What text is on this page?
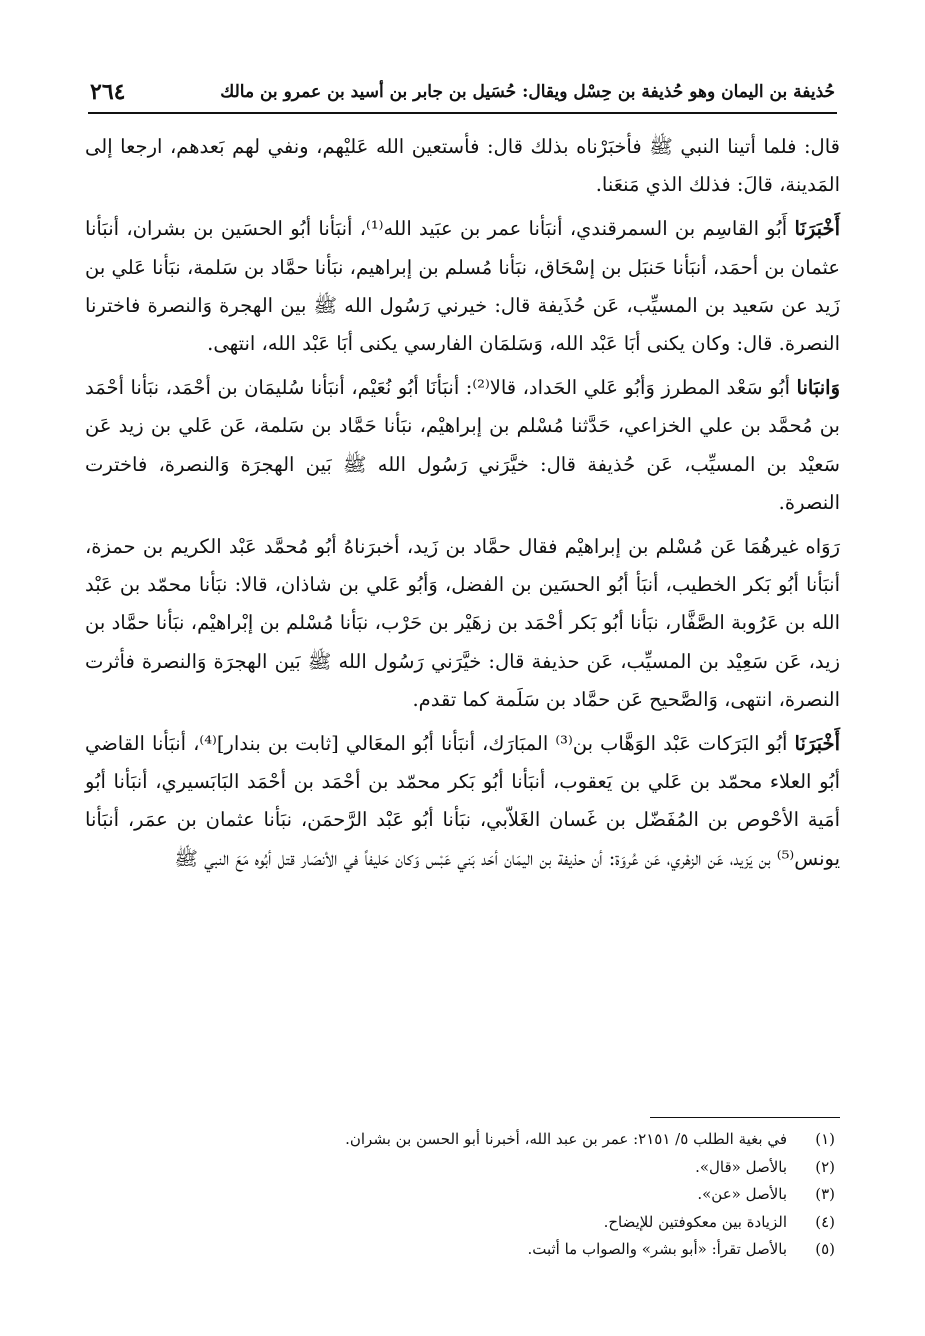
٢٦٤	حُذيفة بن اليمان وهو حُذيفة بن حِسْل ويقال: حُسَيل بن جابر بن أسيد بن عمرو بن مالك

قال: فلما أتينا النبي ﷺ فأخبَرْناه بذلك قال: فأستعين الله عَليْهم، ونفي لهم بَعدهم، ارجعا إلى المَدينة، قالَ: فذلك الذي مَنعَنا.

أَخْبَرَنَا أَبُو القاسِم بن السمرقندي، أنبَأنا عمر بن عبَيد الله⁽¹⁾، أنبَأنا أبُو الحسَين بن بشران، أنبَأنا عثمان بن أحمَد، أنبَأنا حَنبَل بن إسْحَاق، نبَأنا مُسلم بن إبراهيم، نبَأنا حمَّاد بن سَلمة، نبَأنا عَلي بن زَيد عن سَعيد بن المسيِّب، عَن حُذَيفة قال: خيرني رَسُول الله ﷺ بين الهجرة وَالنصرة فاخترنا النصرة. قال: وكان يكنى أبَا عَبْد الله، وَسَلمَان الفارسي يكنى أبَا عَبْد الله، انتهى.

وَانبَانا أبُو سَعْد المطرز وَأبُو عَلي الحَداد، قالا⁽²⁾: أنبَأنَا أبُو نُعَيْم، أنبَأنا سُليمَان بن أحْمَد، نبَأنا أحْمَد بن مُحمَّد بن علي الخزاعي، حَدَّثنا مُسْلم بن إبراهيْم، نبَأنا حَمَّاد بن سَلمة، عَن عَلي بن زيد عَن سَعيْد بن المسيِّب، عَن حُذيفة قال: خيَّرَني رَسُول الله ﷺ بَين الهجرَة وَالنصرة، فاخترت النصرة.

رَوَاه غيرهُمَا عَن مُسْلم بن إبراهيْم فقال حمَّاد بن زَيد، أخبرَناهُ أبُو مُحمَّد عَبْد الكريم بن حمزة، أنبَأنا أبُو بَكر الخطيب، أنبَأ أبُو الحسَين بن الفضل، وَأبُو عَلي بن شاذان، قالا: نبَأنا محمّد بن عَبْد الله بن عَرُوبة الصَّفَّار، نبَأنا أبُو بَكر أحْمَد بن زهَيْر بن حَرْب، نبَأنا مُسْلم بن إبْراهيْم، نبَأنا حمَّاد بن زيد، عَن سَعِيْد بن المسيِّب، عَن حذيفة قال: خيَّرَني رَسُول الله ﷺ بَين الهجرَة وَالنصرة فأثرت النصرة، انتهى، وَالصَّحيح عَن حمَّاد بن سَلَمة كما تقدم.

أَخْبَرَنَا أبُو البَرَكات عَبْد الوَهَّاب بن⁽³⁾ المبَارَك، أنبَأنا أبُو المعَالي [ثابت بن بندار]⁽⁴⁾، أنبَأنا القاضي أبُو العلاء محمّد بن عَلي بن يَعقوب، أنبَأنا أبُو بَكر محمّد بن أحْمَد بن أحْمَد البَابَسيري، أنبَأنا أبُو أمَية الأحْوص بن المُفَضّل بن غَسان الغَلاّبي، نبَأنا أبُو عَبْد الرَّحمَن، نبَأنا عثمان بن عمَر، أنبَأنا يونس⁽⁵⁾ بن يَزيد، عَن الزهْري، عَن عُروَة: أن حذيفة بن اليمَان أحَد بَني عَبْس وَكان حَليفاً في الأنصَار قتل أبُوه مَعَ النبي ﷺ

(١)
في بغية الطلب ٥/ ٢١٥١: عمر بن عبد الله، أخبرنا أبو الحسن بن بشران.
(٢)
بالأصل «قال».
(٣)
بالأصل «عن».
(٤)
الزيادة بين معكوفتين للإيضاح.
(٥)
بالأصل تقرأ: «أبو بشر» والصواب ما أثبت.
